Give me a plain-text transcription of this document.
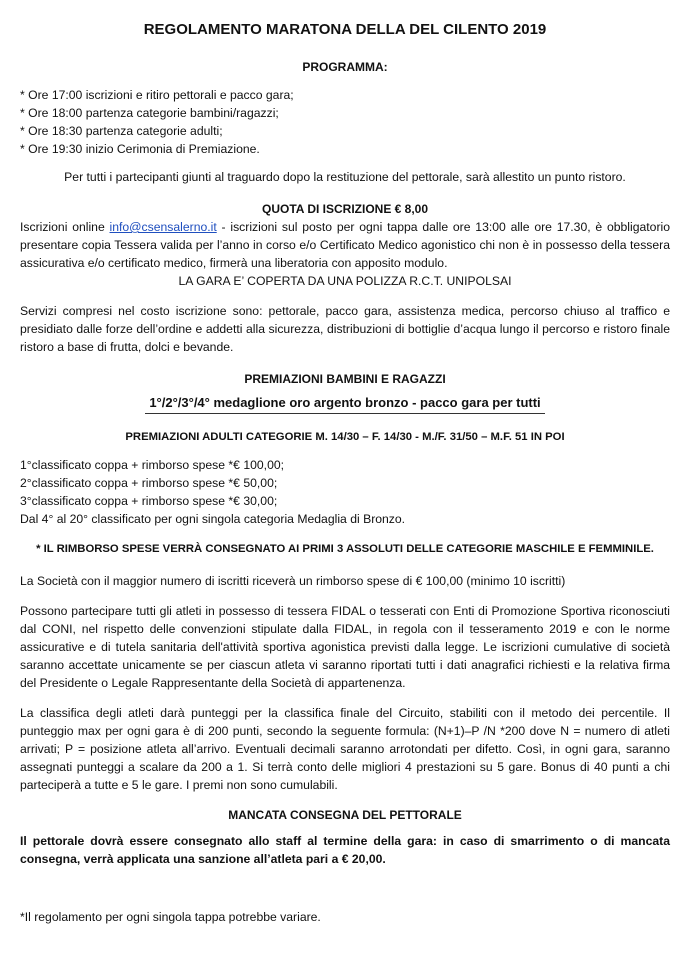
REGOLAMENTO MARATONA DELLA DEL CILENTO 2019
PROGRAMMA:
* Ore 17:00 iscrizioni e ritiro pettorali e pacco gara;
* Ore 18:00 partenza categorie bambini/ragazzi;
* Ore 18:30 partenza categorie adulti;
* Ore 19:30 inizio Cerimonia di Premiazione.
Per tutti i partecipanti giunti al traguardo dopo la restituzione del pettorale, sarà allestito un punto ristoro.
QUOTA DI ISCRIZIONE € 8,00
Iscrizioni online info@csensalerno.it - iscrizioni sul posto per ogni tappa dalle ore 13:00 alle ore 17.30, è obbligatorio presentare copia Tessera valida per l’anno in corso e/o Certificato Medico agonistico chi non è in possesso della tessera assicurativa e/o certificato medico, firmerà una liberatoria con apposito modulo.
LA GARA E’ COPERTA DA UNA POLIZZA R.C.T. UNIPOLSAI
Servizi compresi nel costo iscrizione sono: pettorale, pacco gara, assistenza medica, percorso chiuso al traffico e presidiato dalle forze dell’ordine e addetti alla sicurezza, distribuzioni di bottiglie d’acqua lungo il percorso e ristoro finale ristoro a base di frutta, dolci e bevande.
PREMIAZIONI BAMBINI E RAGAZZI
1°/2°/3°/4° medaglione oro argento bronzo - pacco gara per tutti
PREMIAZIONI ADULTI CATEGORIE M. 14/30 – F. 14/30 - M./F. 31/50 – M.F. 51 IN POI
1°classificato coppa + rimborso spese *€ 100,00;
2°classificato coppa + rimborso spese *€ 50,00;
3°classificato coppa + rimborso spese *€ 30,00;
Dal 4° al 20° classificato per ogni singola categoria Medaglia di Bronzo.
* IL RIMBORSO SPESE VERRÀ CONSEGNATO AI PRIMI 3 ASSOLUTI DELLE CATEGORIE MASCHILE E FEMMINILE.
La Società con il maggior numero di iscritti riceverà un rimborso spese di € 100,00 (minimo 10 iscritti)
Possono partecipare tutti gli atleti in possesso di tessera FIDAL o tesserati con Enti di Promozione Sportiva riconosciuti dal CONI, nel rispetto delle convenzioni stipulate dalla FIDAL, in regola con il tesseramento 2019 e con le norme assicurative e di tutela sanitaria dell'attività sportiva agonistica previsti dalla legge. Le iscrizioni cumulative di società saranno accettate unicamente se per ciascun atleta vi saranno riportati tutti i dati anagrafici richiesti e la relativa firma del Presidente o Legale Rappresentante della Società di appartenenza.
La classifica degli atleti darà punteggi per la classifica finale del Circuito, stabiliti con il metodo dei percentile. Il punteggio max per ogni gara è di 200 punti, secondo la seguente formula: (N+1)–P /N *200 dove N = numero di atleti arrivati; P = posizione atleta all’arrivo. Eventuali decimali saranno arrotondati per difetto. Così, in ogni gara, saranno assegnati punteggi a scalare da 200 a 1. Si terrà conto delle migliori 4 prestazioni su 5 gare. Bonus di 40 punti a chi parteciperà a tutte e 5 le gare. I premi non sono cumulabili.
MANCATA CONSEGNA DEL PETTORALE
Il pettorale dovrà essere consegnato allo staff al termine della gara: in caso di smarrimento o di mancata consegna, verrà applicata una sanzione all’atleta pari a € 20,00.
*Il regolamento per ogni singola tappa potrebbe variare.
